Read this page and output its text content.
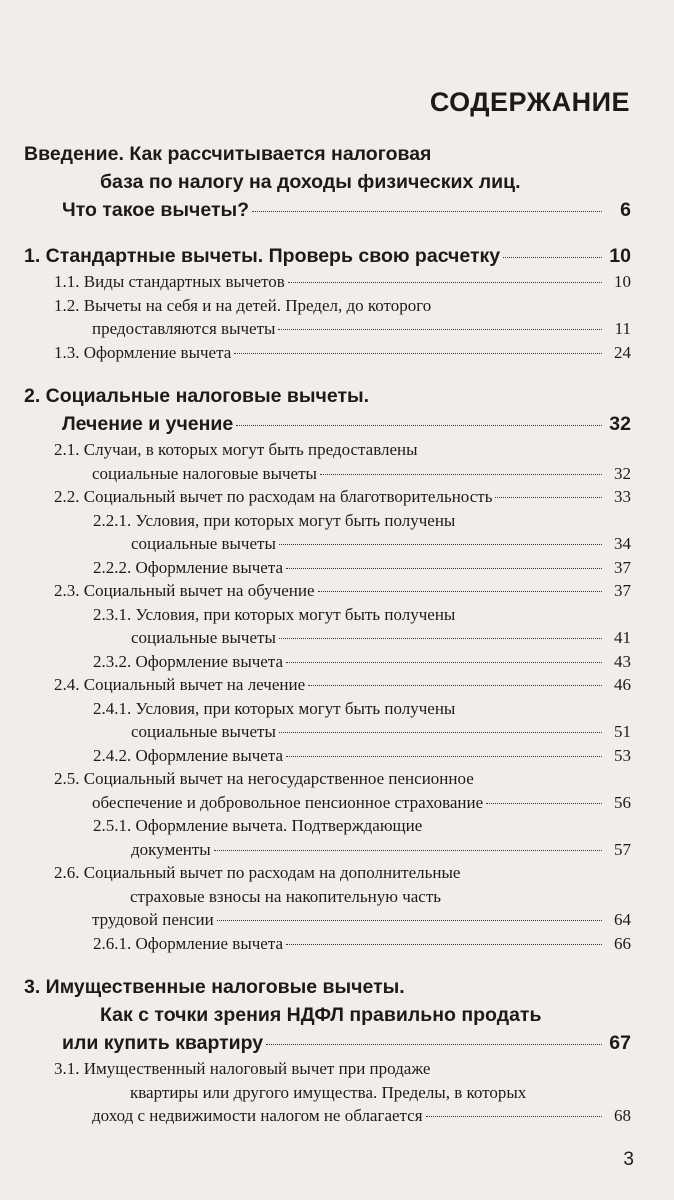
СОДЕРЖАНИЕ
Введение. Как рассчитывается налоговая
база по налогу на доходы физических лиц.
Что такое вычеты?	6
1. Стандартные вычеты. Проверь свою расчетку	10
1.1. Виды стандартных вычетов	10
1.2. Вычеты на себя и на детей. Предел, до которого
предоставляются вычеты	11
1.3. Оформление вычета	24
2. Социальные налоговые вычеты.
Лечение и учение	32
2.1. Случаи, в которых могут быть предоставлены
социальные налоговые вычеты	32
2.2. Социальный вычет по расходам на благотворительность	33
2.2.1. Условия, при которых могут быть получены
социальные вычеты	34
2.2.2. Оформление вычета	37
2.3. Социальный вычет на обучение	37
2.3.1. Условия, при которых могут быть получены
социальные вычеты	41
2.3.2. Оформление вычета	43
2.4. Социальный вычет на лечение	46
2.4.1. Условия, при которых могут быть получены
социальные вычеты	51
2.4.2. Оформление вычета	53
2.5. Социальный вычет на негосударственное пенсионное
обеспечение и добровольное пенсионное страхование	56
2.5.1. Оформление вычета. Подтверждающие
документы	57
2.6. Социальный вычет по расходам на дополнительные
страховые взносы на накопительную часть
трудовой пенсии	64
2.6.1. Оформление вычета	66
3. Имущественные налоговые вычеты.
Как с точки зрения НДФЛ правильно продать
или купить квартиру	67
3.1. Имущественный налоговый вычет при продаже
квартиры или другого имущества. Пределы, в которых
доход с недвижимости налогом не облагается	68
3
